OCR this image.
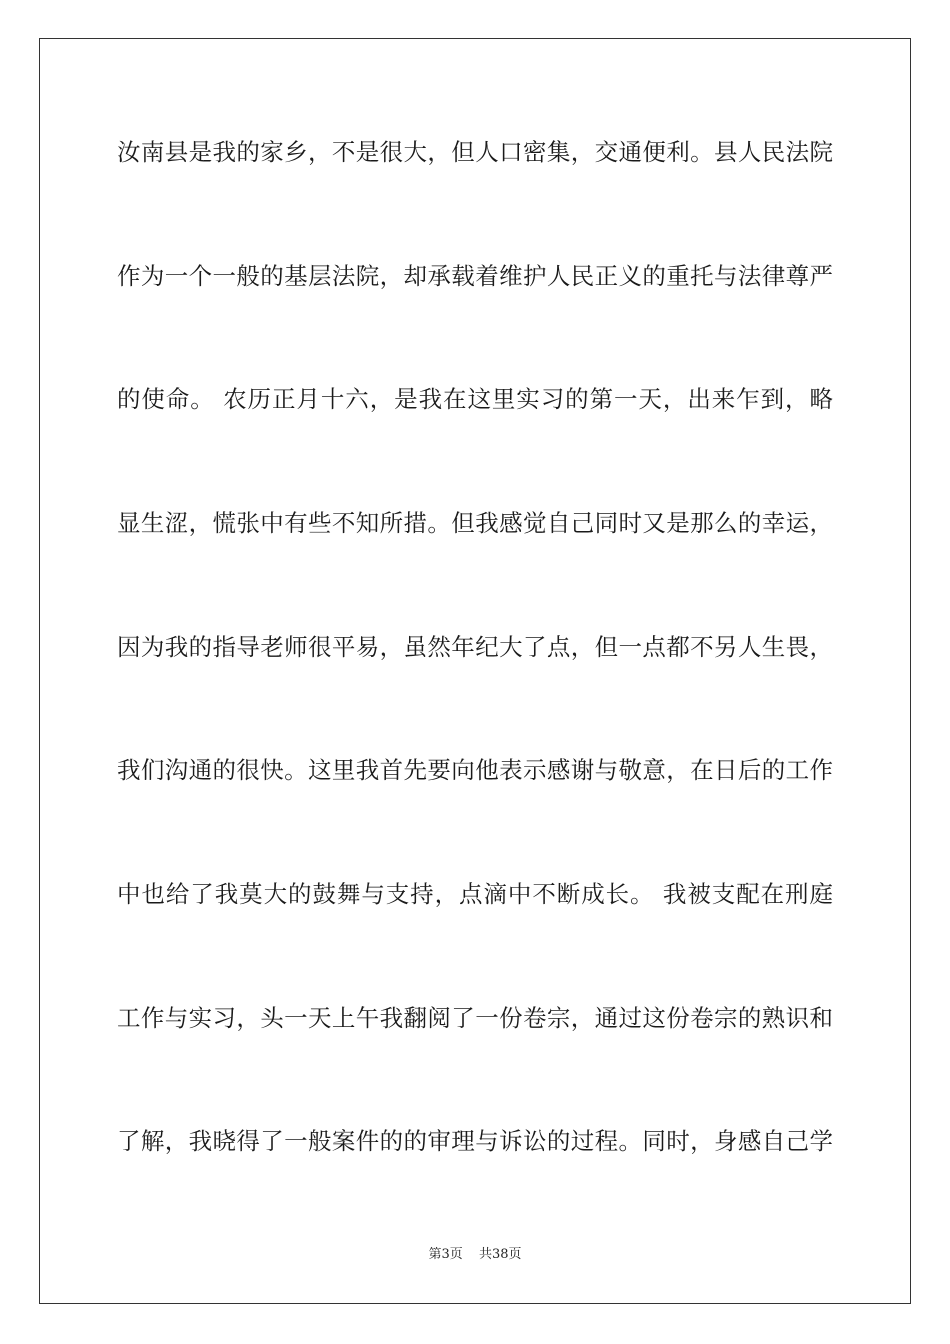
汝南县是我的家乡，不是很大，但人口密集，交通便利。县人民法院
作为一个一般的基层法院，却承载着维护人民正义的重托与法律尊严
的使命。 农历正月十六，是我在这里实习的第一天，出来乍到，略
显生涩，慌张中有些不知所措。但我感觉自己同时又是那么的幸运，
因为我的指导老师很平易，虽然年纪大了点，但一点都不另人生畏，
我们沟通的很快。这里我首先要向他表示感谢与敬意，在日后的工作
中也给了我莫大的鼓舞与支持，点滴中不断成长。 我被支配在刑庭
工作与实习，头一天上午我翻阅了一份卷宗，通过这份卷宗的熟识和
了解，我晓得了一般案件的的审理与诉讼的过程。同时，身感自己学
第3页 共38页
